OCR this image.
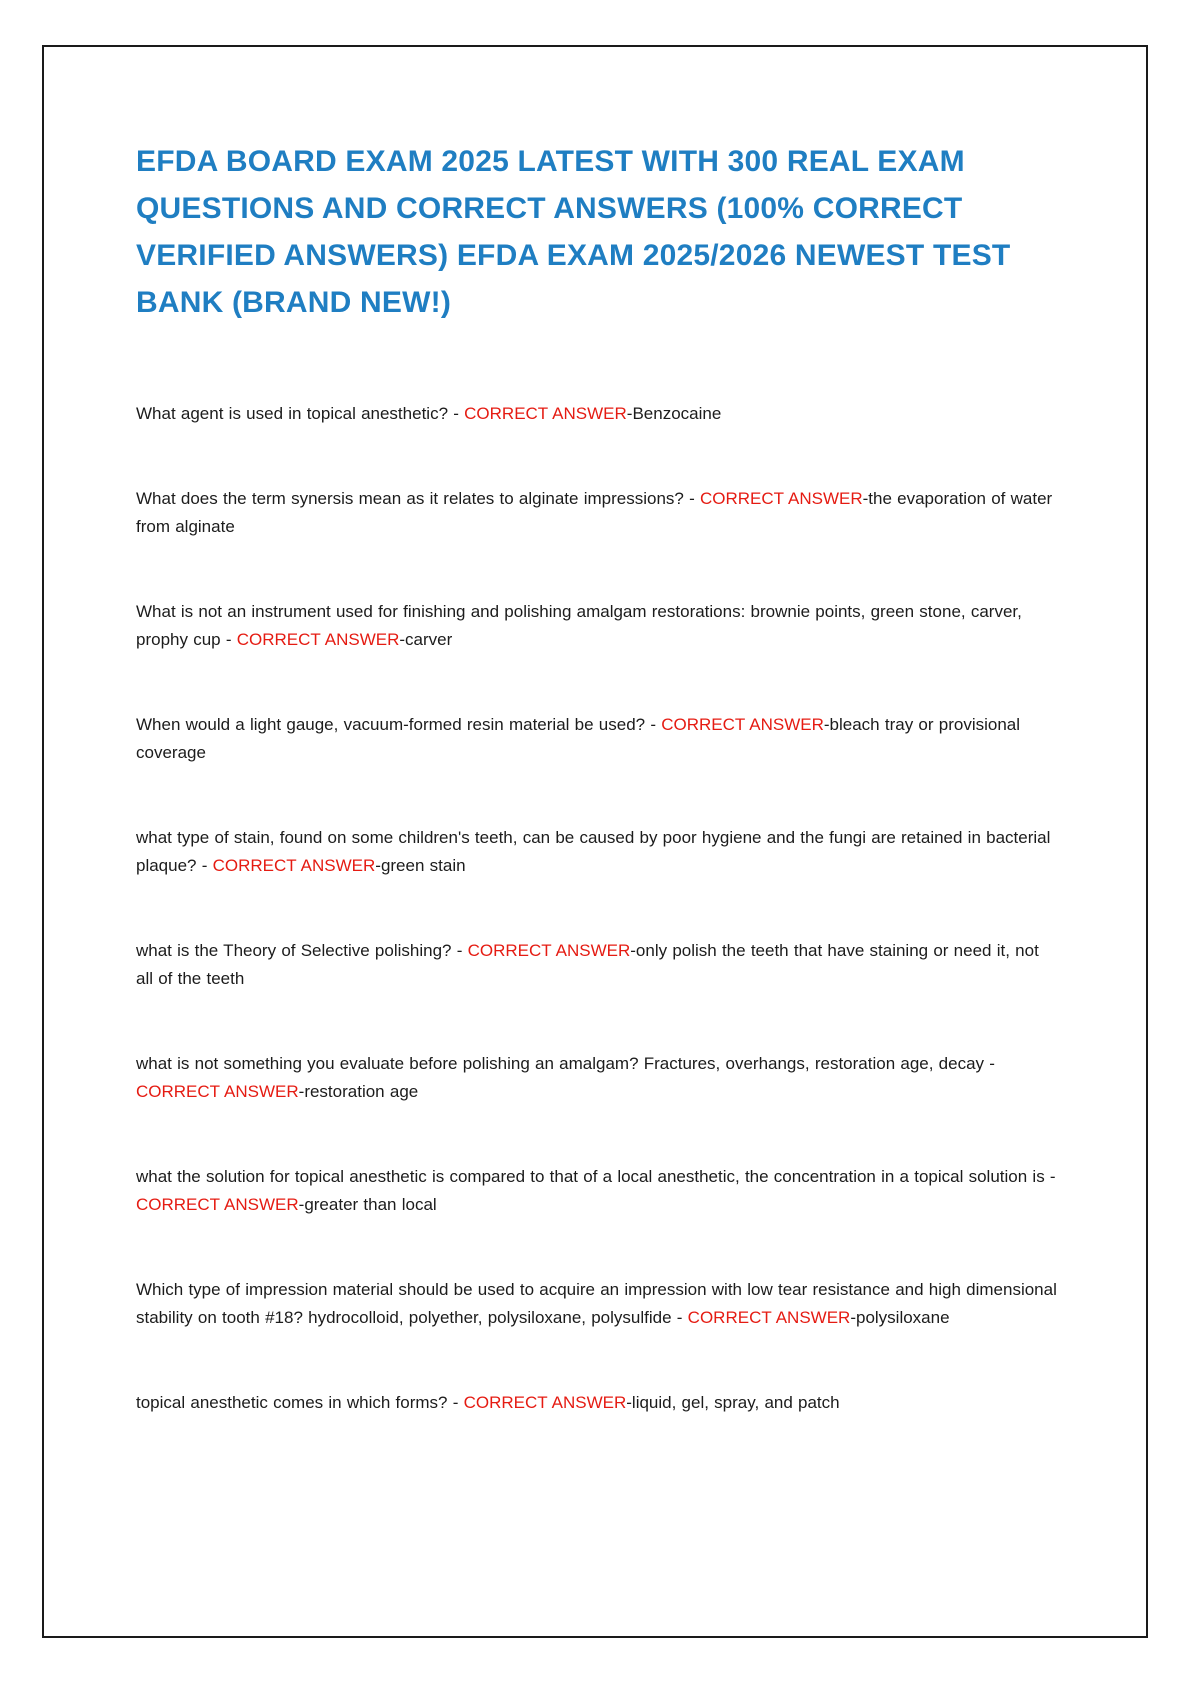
EFDA BOARD EXAM 2025 LATEST WITH 300 REAL EXAM QUESTIONS AND CORRECT ANSWERS (100% CORRECT VERIFIED ANSWERS) EFDA EXAM 2025/2026 NEWEST TEST BANK (BRAND NEW!)

What agent is used in topical anesthetic? - CORRECT ANSWER-Benzocaine

What does the term synersis mean as it relates to alginate impressions? - CORRECT ANSWER-the evaporation of water from alginate

What is not an instrument used for finishing and polishing amalgam restorations: brownie points, green stone, carver, prophy cup - CORRECT ANSWER-carver

When would a light gauge, vacuum-formed resin material be used? - CORRECT ANSWER-bleach tray or provisional coverage

what type of stain, found on some children's teeth, can be caused by poor hygiene and the fungi are retained in bacterial plaque? - CORRECT ANSWER-green stain

what is the Theory of Selective polishing? - CORRECT ANSWER-only polish the teeth that have staining or need it, not all of the teeth

what is not something you evaluate before polishing an amalgam? Fractures, overhangs, restoration age, decay - CORRECT ANSWER-restoration age

what the solution for topical anesthetic is compared to that of a local anesthetic, the concentration in a topical solution is - CORRECT ANSWER-greater than local

Which type of impression material should be used to acquire an impression with low tear resistance and high dimensional stability on tooth #18? hydrocolloid, polyether, polysiloxane, polysulfide - CORRECT ANSWER-polysiloxane

topical anesthetic comes in which forms? - CORRECT ANSWER-liquid, gel, spray, and patch
